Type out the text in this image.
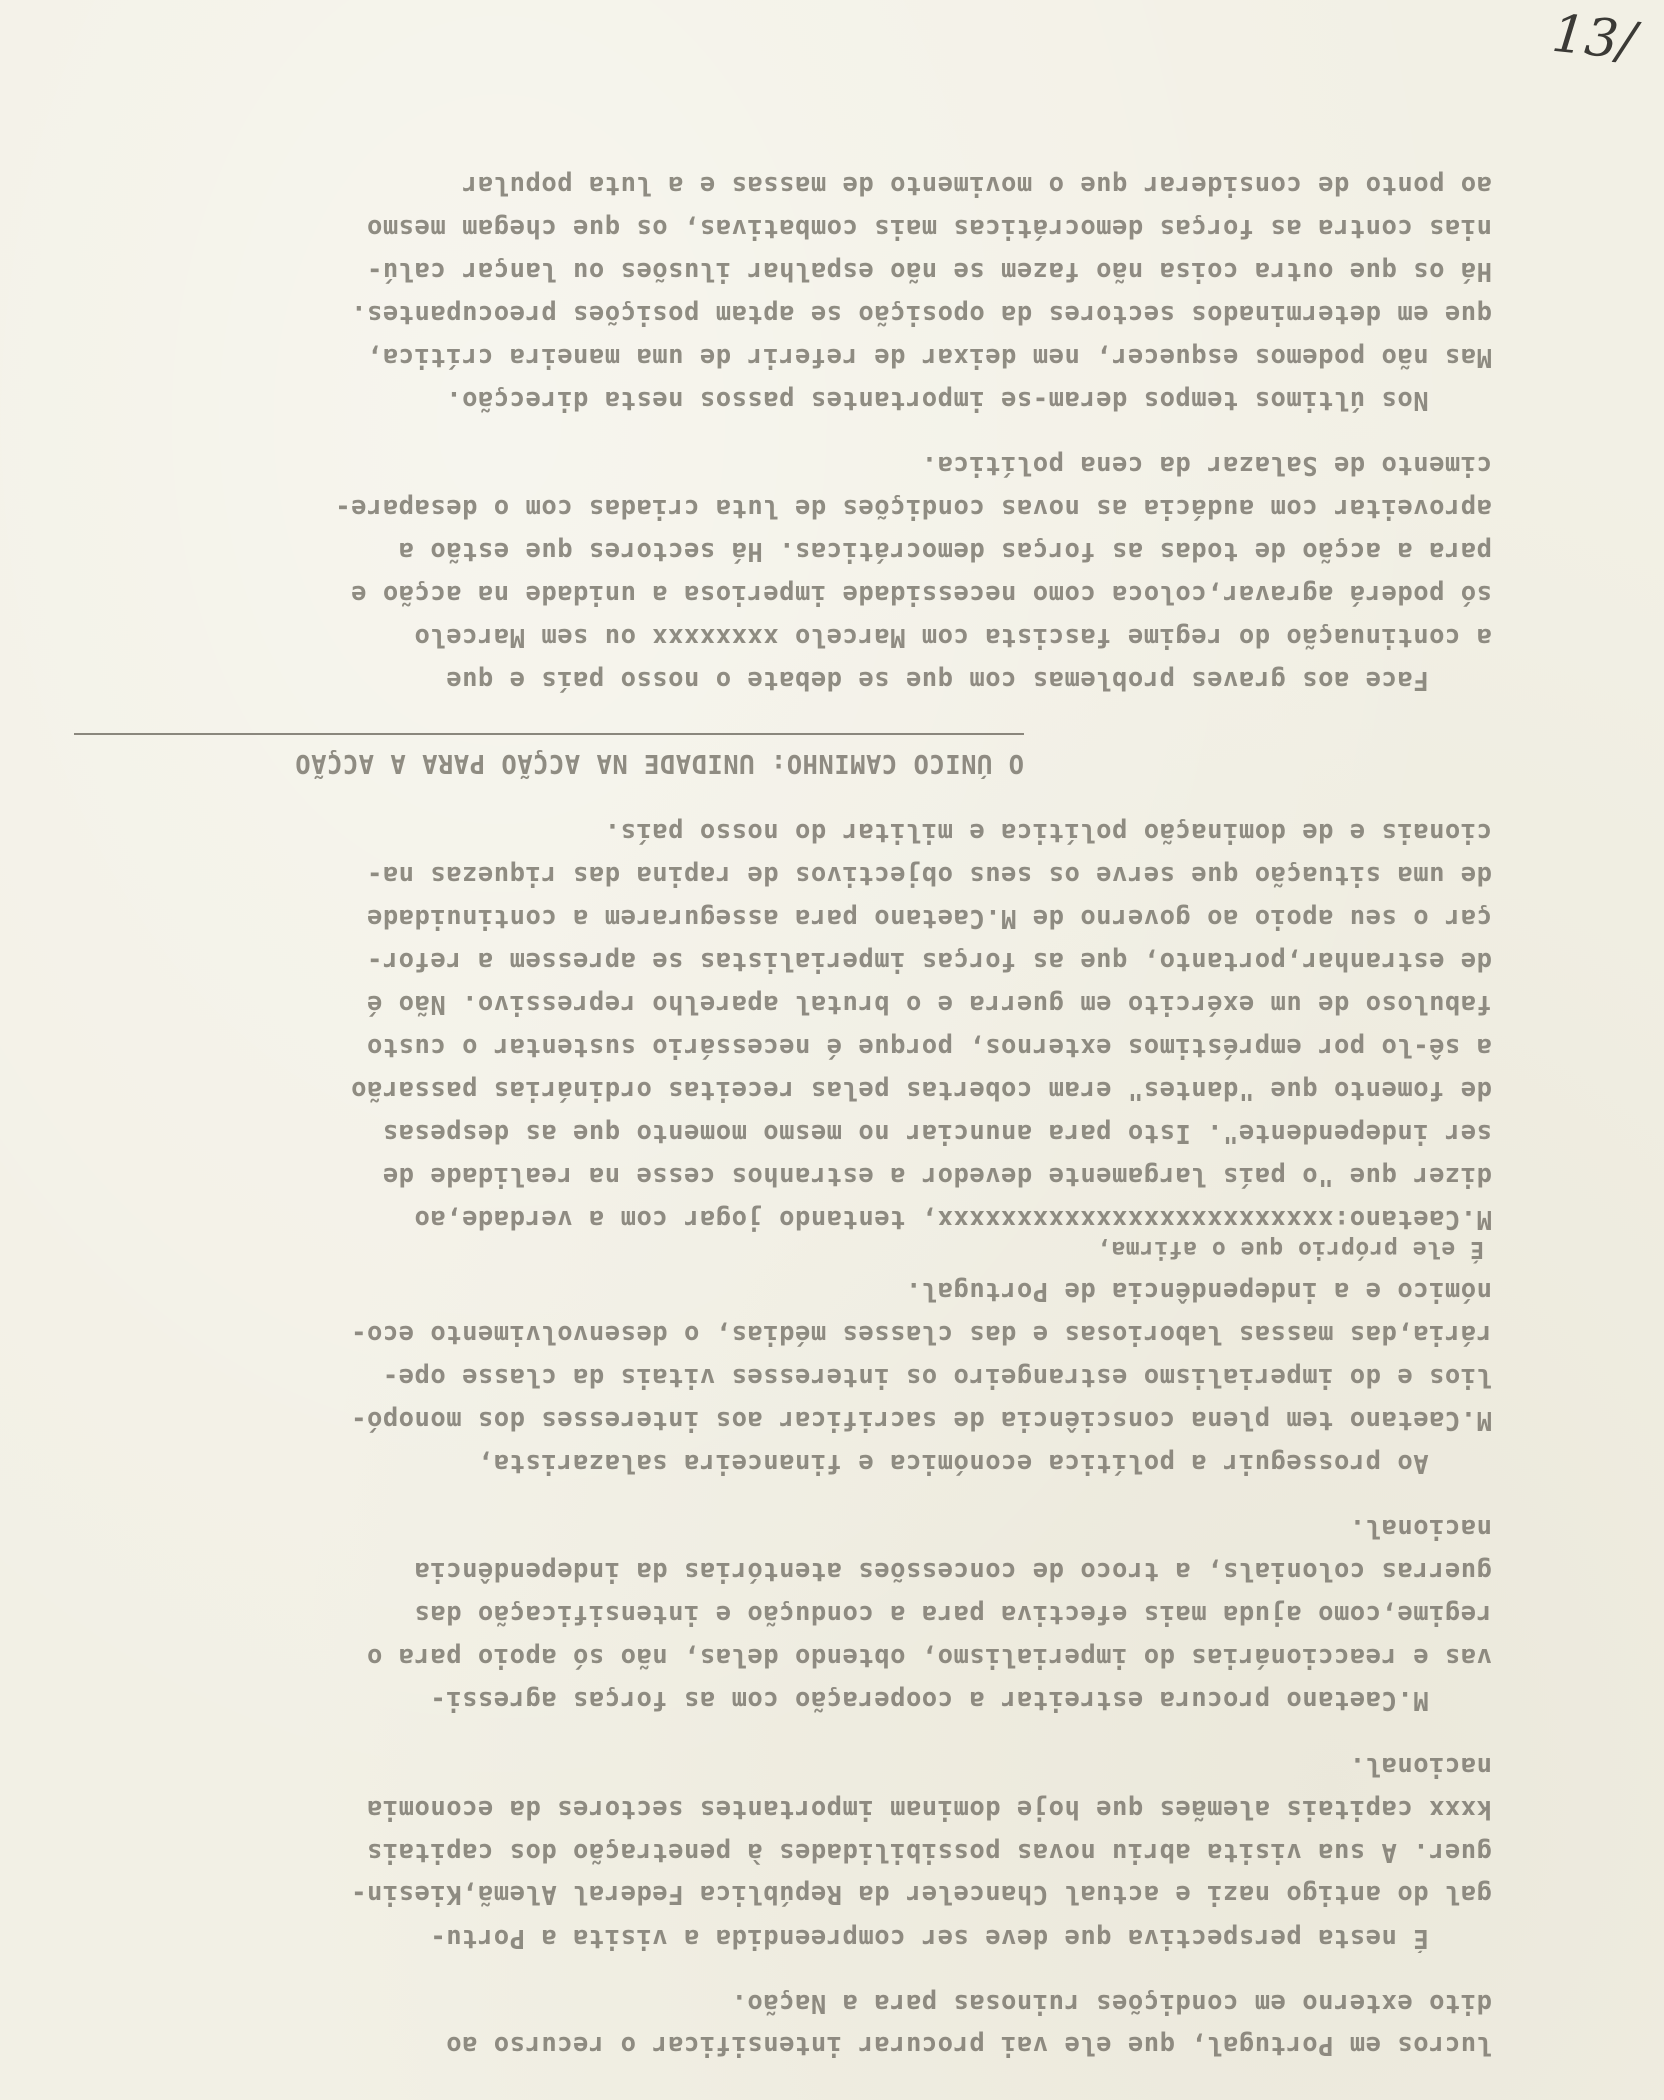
lucros em Portugal, que ele vai procurar intensificar o recurso ao
dito externo em condições ruinosas para a Nação.
É nesta perspectiva que deve ser compreendida a visita a Portu-
gal do antigo nazi e actual Chanceler da República Federal Alemã,Kiesin-
guer. A sua visita abriu novas possibilidades à penetração dos capitais
kxxx capitais alemães que hoje dominam importantes sectores da economia
nacional.
M.Caetano procura estreitar a cooperação com as forças agressi-
vas e reaccionárias do imperialismo, obtendo delas, não só apoio para o
regime,como ajuda mais efectiva para a condução e intensificação das
guerras colonials, a troco de concessões atentórias da independência
nacional.
Ao prosseguir a política económica e financeira salazarista,
M.Caetano tem plena consciência de sacrificar aos interesses dos monopó-
lios e do imperialismo estrangeiro os interesses vitais da classe ope-
rária,das massas laboriosas e das classes médias, o desenvolvimento eco-
nómico e a independência de Portugal.
É ele próprio que o afirma,
M.Caetano:xxxxxxxxxxxxxxxxxxxxxxxxx, tentando jogar com a verdade,ao
dizer que "o país largamente devedor a estranhos cesse na realidade de
ser independente". Isto para anunciar no mesmo momento que as despesas
de fomento que "dantes" eram cobertas pelas receitas ordinárias passarão
a sê-lo por empréstimos externos, porque é necessário sustentar o custo
fabuloso de um exército em guerra e o brutal aparelho repressivo. Não é
de estranhar,portanto, que as forças imperialistas se apressem a refor-
çar o seu apoio ao governo de M.Caetano para assegurarem a continuidade
de uma situação que serve os seus objectivos de rapina das riquezas na-
cionais e de dominação política e militar do nosso país.
O ÚNICO CAMINHO: UNIDADE NA ACÇÃO PARA A ACÇÃO
Face aos graves problemas com que se debate o nosso país e que
a continuação do regime fascista com Marcelo xxxxxxxx ou sem Marcelo
só poderá agravar,coloca como necessidade imperiosa a unidade na acção e
para a acção de todas as forças democráticas. Há sectores que estão a
aproveitar com audácia as novas condições de luta criadas com o desapare-
cimento de Salazar da cena política.
Nos últimos tempos deram-se importantes passos nesta direcção.
Mas não podemos esquecer, nem deixar de referir de uma maneira crítica,
que em determinados sectores da oposição se aptam posições preocupantes.
Há os que outra coisa não fazem se não espalhar ilusões ou lançar calú-
nias contra as forças democráticas mais combativas, os que chegam mesmo
ao ponto de considerar que o movimento de massas e a luta popular
13/
